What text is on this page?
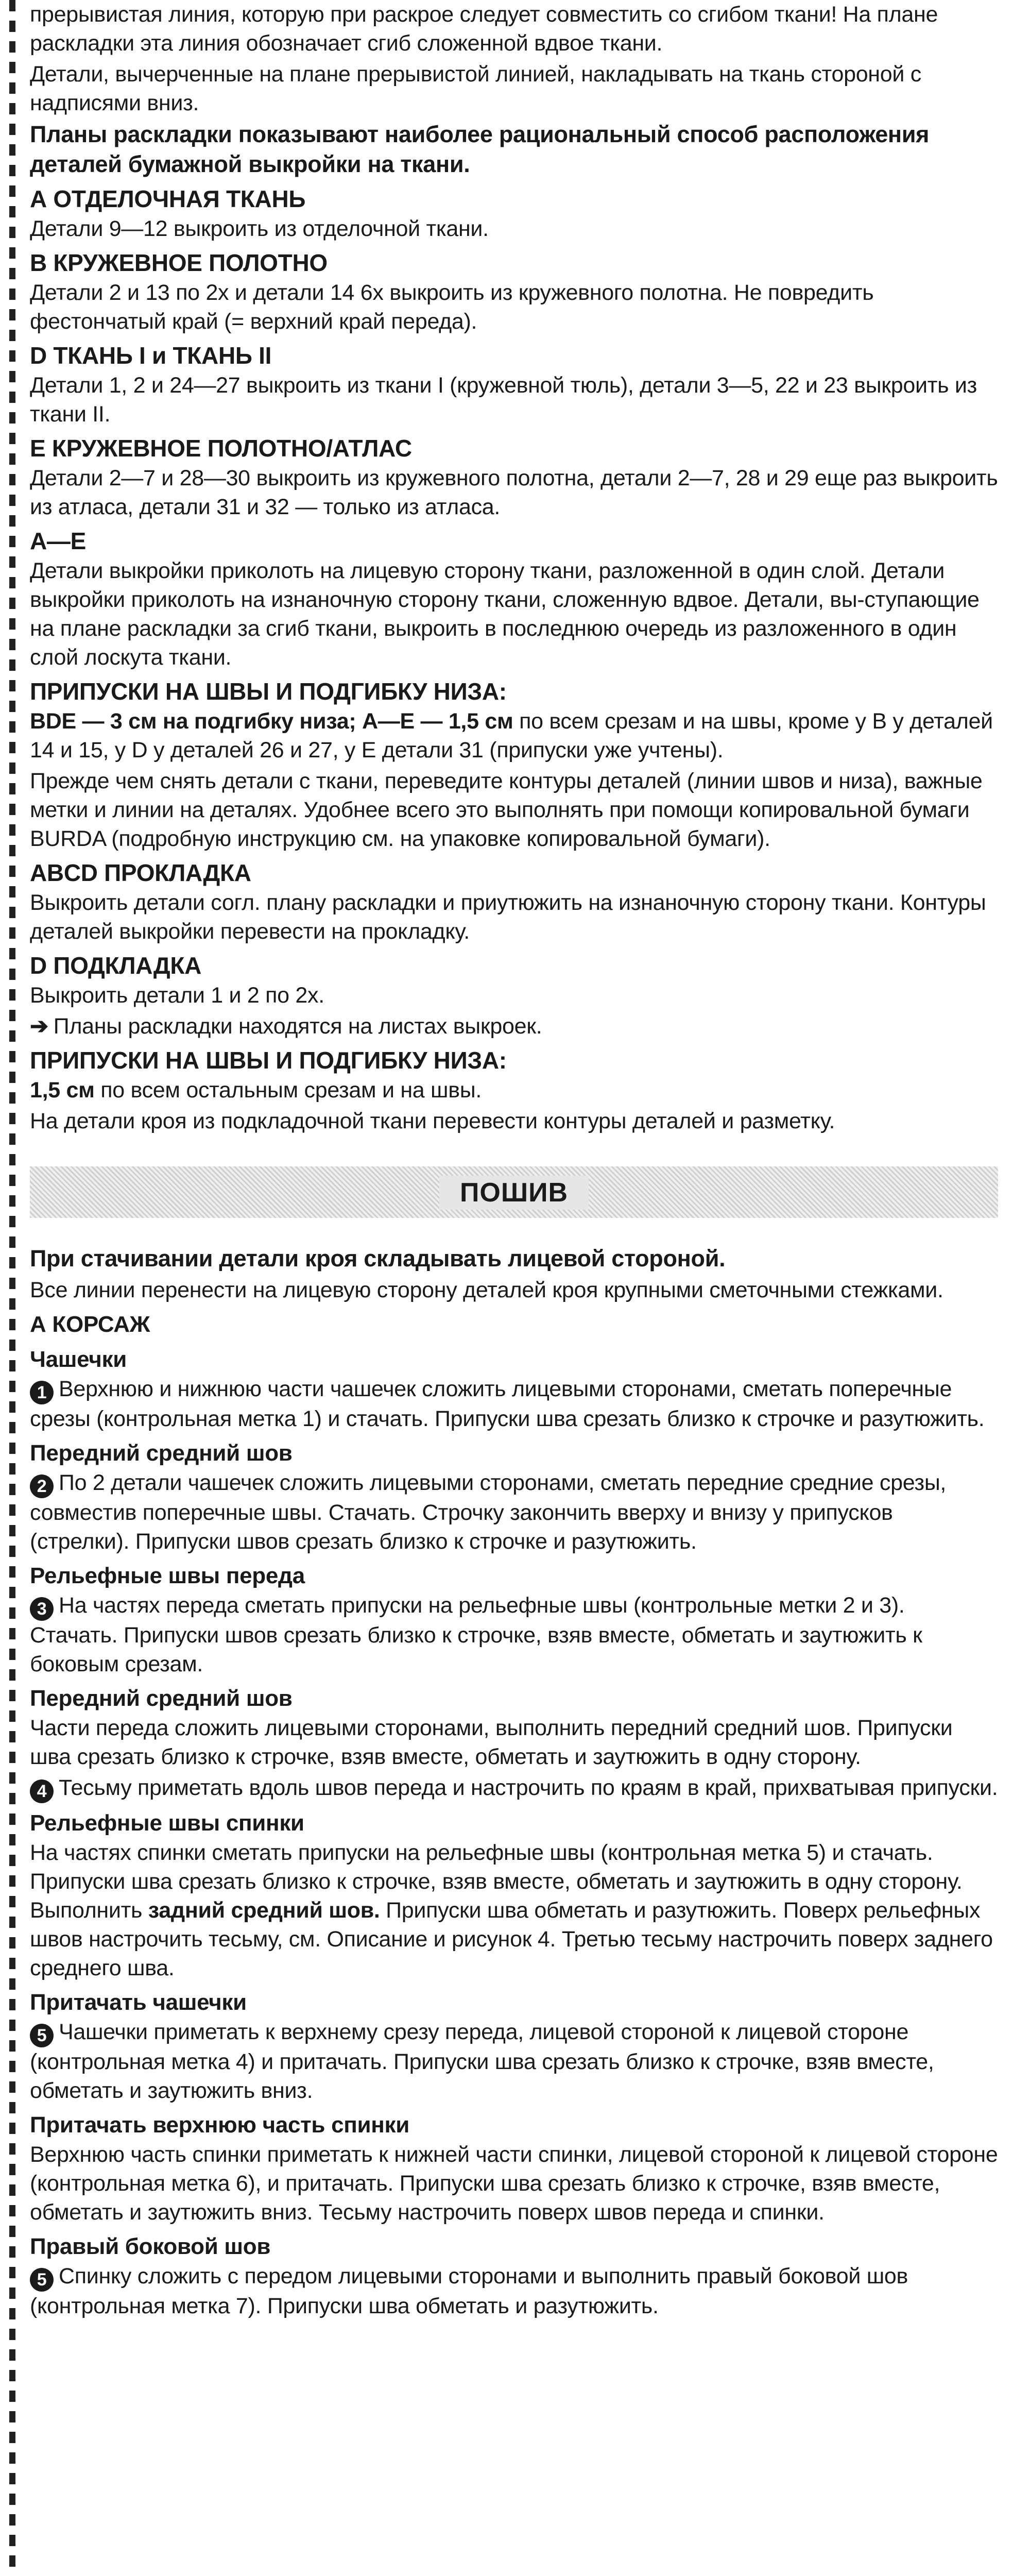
прерывистая линия, которую при раскрое следует совместить со сгибом ткани! На плане раскладки эта линия обозначает сгиб сложенной вдвое ткани.

Детали, вычерченные на плане прерывистой линией, накладывать на ткань стороной с надписями вниз.

Планы раскладки показывают наиболее рациональный способ расположения деталей бумажной выкройки на ткани.

А ОТДЕЛОЧНАЯ ТКАНЬ

Детали 9—12 выкроить из отделочной ткани.

В КРУЖЕВНОЕ ПОЛОТНО

Детали 2 и 13 по 2х и детали 14 6х выкроить из кружевного полотна. Не повредить фестончатый край (= верхний край переда).

D ТКАНЬ I и ТКАНЬ II

Детали 1, 2 и 24—27 выкроить из ткани I (кружевной тюль), детали 3—5, 22 и 23 выкроить из ткани II.

Е КРУЖЕВНОЕ ПОЛОТНО/АТЛАС

Детали 2—7 и 28—30 выкроить из кружевного полотна, детали 2—7, 28 и 29 еще раз выкроить из атласа, детали 31 и 32 — только из атласа.

А—Е

Детали выкройки приколоть на лицевую сторону ткани, разложенной в один слой. Детали выкройки приколоть на изнаночную сторону ткани, сложенную вдвое. Детали, вы-ступающие на плане раскладки за сгиб ткани, выкроить в последнюю очередь из разложенного в один слой лоскута ткани.

ПРИПУСКИ НА ШВЫ И ПОДГИБКУ НИЗА:

BDE — 3 см на подгибку низа; А—Е — 1,5 см по всем срезам и на швы, кроме у В у деталей 14 и 15, у D у деталей 26 и 27, у Е детали 31 (припуски уже учтены).

Прежде чем снять детали с ткани, переведите контуры деталей (линии швов и низа), важные метки и линии на деталях. Удобнее всего это выполнять при помощи копировальной бумаги BURDA (подробную инструкцию см. на упаковке копировальной бумаги).

ABCD ПРОКЛАДКА

Выкроить детали согл. плану раскладки и приутюжить на изнаночную сторону ткани. Контуры деталей выкройки перевести на прокладку.

D ПОДКЛАДКА

Выкроить детали 1 и 2 по 2х.

➔ Планы раскладки находятся на листах выкроек.

ПРИПУСКИ НА ШВЫ И ПОДГИБКУ НИЗА:

1,5 см по всем остальным срезам и на швы.

На детали кроя из подкладочной ткани перевести контуры деталей и разметку.

ПОШИВ

При стачивании детали кроя складывать лицевой стороной.

Все линии перенести на лицевую сторону деталей кроя крупными сметочными стежками.

А КОРСАЖ

Чашечки

1 Верхнюю и нижнюю части чашечек сложить лицевыми сторонами, сметать поперечные срезы (контрольная метка 1) и стачать. Припуски шва срезать близко к строчке и разутюжить.

Передний средний шов

2 По 2 детали чашечек сложить лицевыми сторонами, сметать передние средние срезы, совместив поперечные швы. Стачать. Строчку закончить вверху и внизу у припусков (стрелки). Припуски швов срезать близко к строчке и разутюжить.

Рельефные швы переда

3 На частях переда сметать припуски на рельефные швы (контрольные метки 2 и 3). Стачать. Припуски швов срезать близко к строчке, взяв вместе, обметать и заутюжить к боковым срезам.

Передний средний шов

Части переда сложить лицевыми сторонами, выполнить передний средний шов. Припуски шва срезать близко к строчке, взяв вместе, обметать и заутюжить в одну сторону.

4 Тесьму приметать вдоль швов переда и настрочить по краям в край, прихватывая припуски.

Рельефные швы спинки

На частях спинки сметать припуски на рельефные швы (контрольная метка 5) и стачать. Припуски шва срезать близко к строчке, взяв вместе, обметать и заутюжить в одну сторону. Выполнить задний средний шов. Припуски шва обметать и разутюжить. Поверх рельефных швов настрочить тесьму, см. Описание и рисунок 4. Третью тесьму настрочить поверх заднего среднего шва.

Притачать чашечки

5 Чашечки приметать к верхнему срезу переда, лицевой стороной к лицевой стороне (контрольная метка 4) и притачать. Припуски шва срезать близко к строчке, взяв вместе, обметать и заутюжить вниз.

Притачать верхнюю часть спинки

Верхнюю часть спинки приметать к нижней части спинки, лицевой стороной к лицевой стороне (контрольная метка 6), и притачать. Припуски шва срезать близко к строчке, взяв вместе, обметать и заутюжить вниз. Тесьму настрочить поверх швов переда и спинки.

Правый боковой шов

5 Спинку сложить с передом лицевыми сторонами и выполнить правый боковой шов (контрольная метка 7). Припуски шва обметать и разутюжить.
